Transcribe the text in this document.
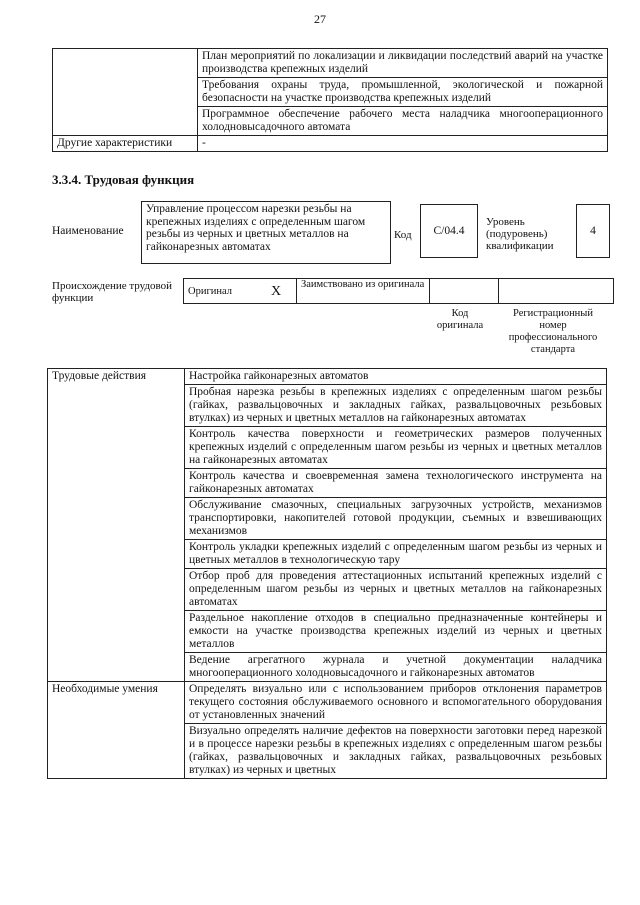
27
	План мероприятий по локализации и ликвидации последствий аварий на участке производства крепежных изделий
	Требования охраны труда, промышленной, экологической и пожарной безопасности на участке производства крепежных изделий
	Программное обеспечение рабочего места наладчика многооперационного холодновысадочного автомата
Другие характеристики	-
3.3.4. Трудовая функция
Наименование
Управление процессом нарезки резьбы на крепежных изделиях с определенным шагом резьбы из черных и цветных металлов на гайконарезных автоматах
Код C/04.4
Уровень (подуровень) квалификации
4
Происхождение трудовой функции
Оригинал	X	Заимствовано из оригинала		
Код оригинала
Регистрационный номер профессионального стандарта
Трудовые действия	Настройка гайконарезных автоматов
	Пробная нарезка резьбы в крепежных изделиях с определенным шагом резьбы (гайках, развальцовочных и закладных гайках, развальцовочных резьбовых втулках) из черных и цветных металлов на гайконарезных автоматах
	Контроль качества поверхности и геометрических размеров полученных крепежных изделий с определенным шагом резьбы из черных и цветных металлов на гайконарезных автоматах
	Контроль качества и своевременная замена технологического инструмента на гайконарезных автоматах
	Обслуживание смазочных, специальных загрузочных устройств, механизмов транспортировки, накопителей готовой продукции, съемных и взвешивающих механизмов
	Контроль укладки крепежных изделий с определенным шагом резьбы из черных и цветных металлов в технологическую тару
	Отбор проб для проведения аттестационных испытаний крепежных изделий с определенным шагом резьбы из черных и цветных металлов на гайконарезных автоматах
	Раздельное накопление отходов в специально предназначенные контейнеры и емкости на участке производства крепежных изделий из черных и цветных металлов
	Ведение агрегатного журнала и учетной документации наладчика многооперационного холодновысадочного и гайконарезных автоматов
Необходимые умения	Определять визуально или с использованием приборов отклонения параметров текущего состояния обслуживаемого основного и вспомогательного оборудования от установленных значений
	Визуально определять наличие дефектов на поверхности заготовки перед нарезкой и в процессе нарезки резьбы в крепежных изделиях с определенным шагом резьбы (гайках, развальцовочных и закладных гайках, развальцовочных резьбовых втулках) из черных и цветных
